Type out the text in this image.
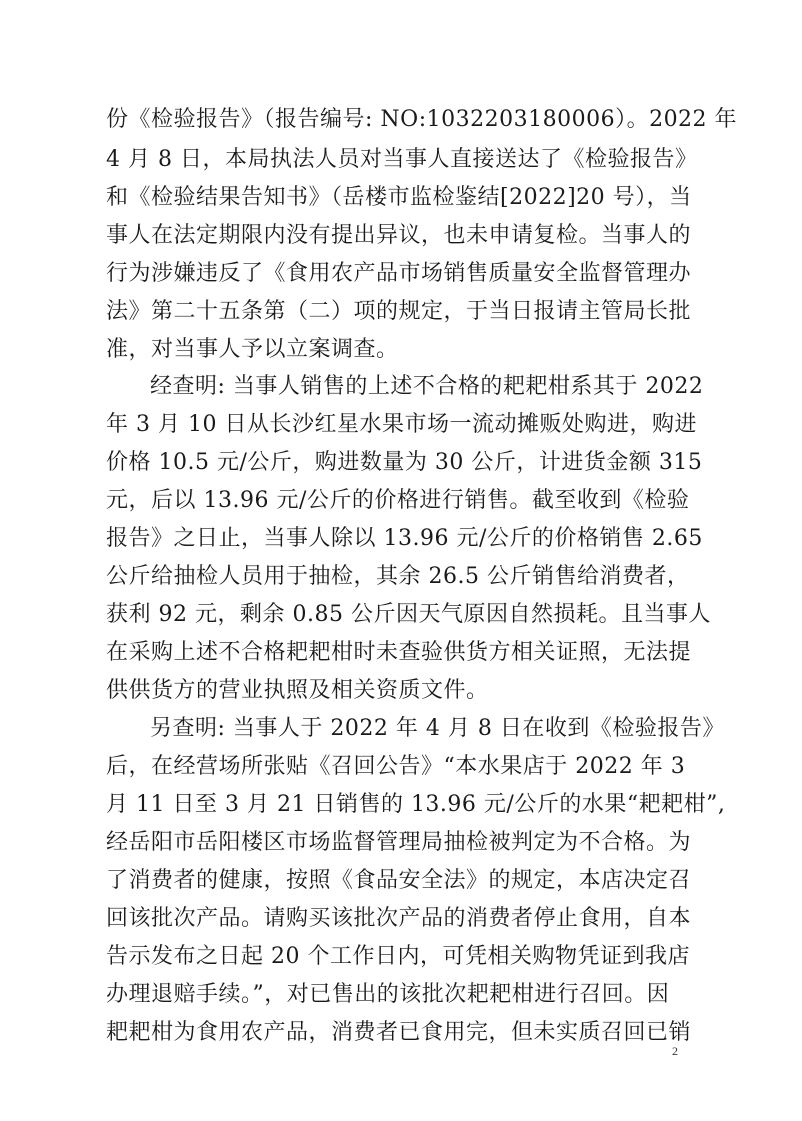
份《检验报告》（报告编号: NO:1032203180006）。2022 年
4 月 8 日，本局执法人员对当事人直接送达了《检验报告》
和《检验结果告知书》（岳楼市监检鉴结[2022]20 号），当
事人在法定期限内没有提出异议，也未申请复检。当事人的
行为涉嫌违反了《食用农产品市场销售质量安全监督管理办
法》第二十五条第（二）项的规定，于当日报请主管局长批
准，对当事人予以立案调查。
经查明: 当事人销售的上述不合格的耙耙柑系其于 2022
年 3 月 10 日从长沙红星水果市场一流动摊贩处购进，购进
价格 10.5 元/公斤，购进数量为 30 公斤，计进货金额 315
元，后以 13.96 元/公斤的价格进行销售。截至收到《检验
报告》之日止，当事人除以 13.96 元/公斤的价格销售 2.65
公斤给抽检人员用于抽检，其余 26.5 公斤销售给消费者，
获利 92 元，剩余 0.85 公斤因天气原因自然损耗。且当事人
在采购上述不合格耙耙柑时未查验供货方相关证照，无法提
供供货方的营业执照及相关资质文件。
另查明: 当事人于 2022 年 4 月 8 日在收到《检验报告》
后，在经营场所张贴《召回公告》“本水果店于 2022 年 3
月 11 日至 3 月 21 日销售的 13.96 元/公斤的水果“耙耙柑”,
经岳阳市岳阳楼区市场监督管理局抽检被判定为不合格。为
了消费者的健康，按照《食品安全法》的规定，本店决定召
回该批次产品。请购买该批次产品的消费者停止食用，自本
告示发布之日起 20 个工作日内，可凭相关购物凭证到我店
办理退赔手续。”，对已售出的该批次耙耙柑进行召回。因
耙耙柑为食用农产品，消费者已食用完，但未实质召回已销
2
